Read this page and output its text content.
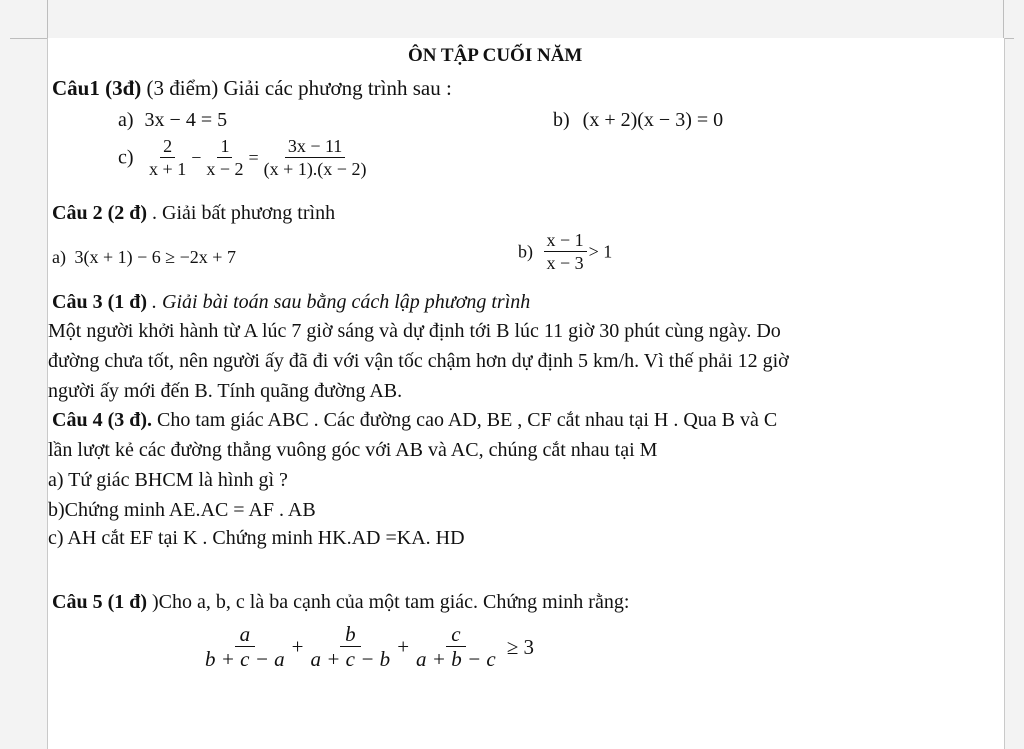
ÔN TẬP CUỐI NĂM
Câu1 (3đ) (3 điểm) Giải các phương trình sau :
a) 3x − 4 = 5	b) (x + 2)(x − 3) = 0
$c) \frac{2}{x + 1} - \frac{1}{x - 2} = \frac{3x - 11}{(x + 1).(x - 2)}$
Câu 2 (2 đ) . Giải bất phương trình
a) 3(x + 1) − 6 ≥ −2x + 7	$b) \frac{x - 1}{x - 3} > 1$
Câu 3 (1 đ) . Giải bài toán sau bằng cách lập phương trình
Một người khởi hành từ A lúc 7 giờ sáng và dự định tới B lúc 11 giờ 30 phút cùng ngày. Do
đường chưa tốt, nên người ấy đã đi với vận tốc chậm hơn dự định 5 km/h. Vì thế phải 12 giờ
người ấy mới đến B. Tính quãng đường AB.
Câu 4 (3 đ). Cho tam giác ABC . Các đường cao AD, BE , CF cắt nhau tại H . Qua B và C
lần lượt kẻ các đường thẳng vuông góc với AB và AC, chúng cắt nhau tại M
a) Tứ giác BHCM là hình gì ?
b)Chứng minh AE.AC = AF . AB
c) AH cắt EF tại K . Chứng minh HK.AD =KA. HD
Câu 5 (1 đ) )Cho a, b, c là ba cạnh của một tam giác. Chứng minh rằng:
$\frac{a}{b + c - a} + \frac{b}{a + c - b} + \frac{c}{a + b - c} \ge 3$
